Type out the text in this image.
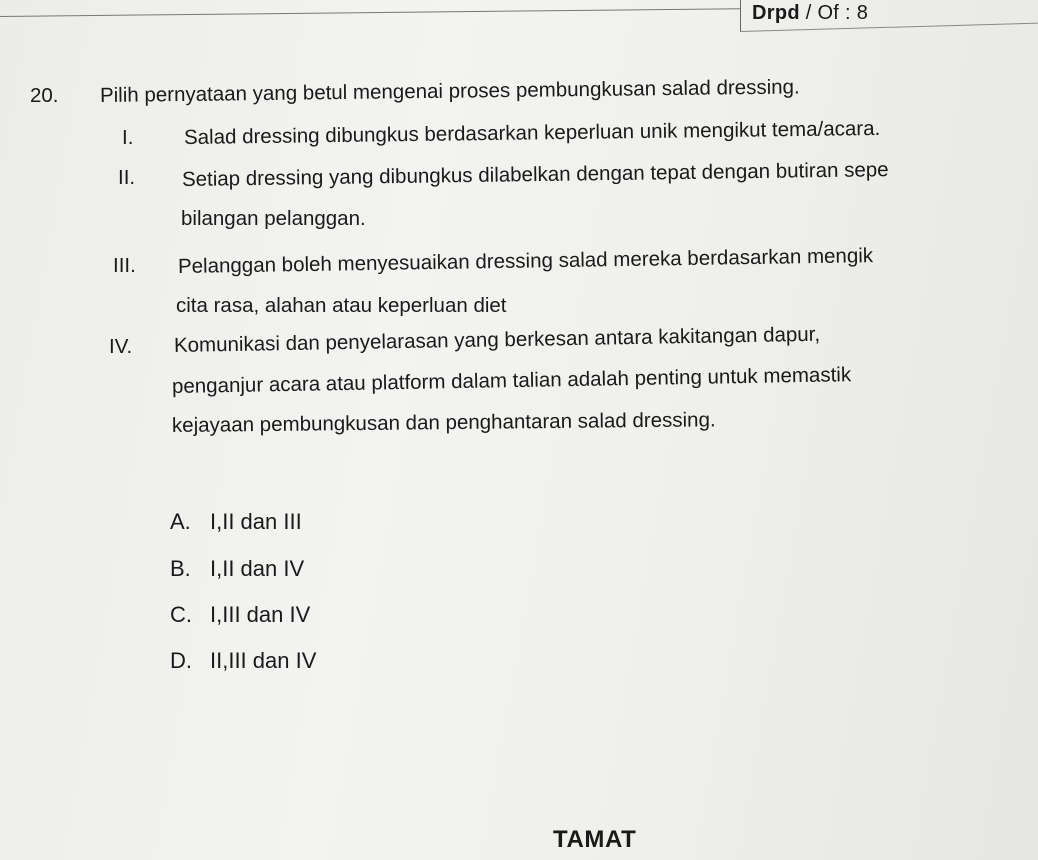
Drpd / Of : 8
20. Pilih pernyataan yang betul mengenai proses pembungkusan salad dressing.
I. Salad dressing dibungkus berdasarkan keperluan unik mengikut tema/acara.
II. Setiap dressing yang dibungkus dilabelkan dengan tepat dengan butiran sepe
bilangan pelanggan.
III. Pelanggan boleh menyesuaikan dressing salad mereka berdasarkan mengik
cita rasa, alahan atau keperluan diet
IV. Komunikasi dan penyelarasan yang berkesan antara kakitangan dapur,
penganjur acara atau platform dalam talian adalah penting untuk memastik
kejayaan pembungkusan dan penghantaran salad dressing.
A. I,II dan III
B. I,II dan IV
C. I,III dan IV
D. II,III dan IV
TAMAT
